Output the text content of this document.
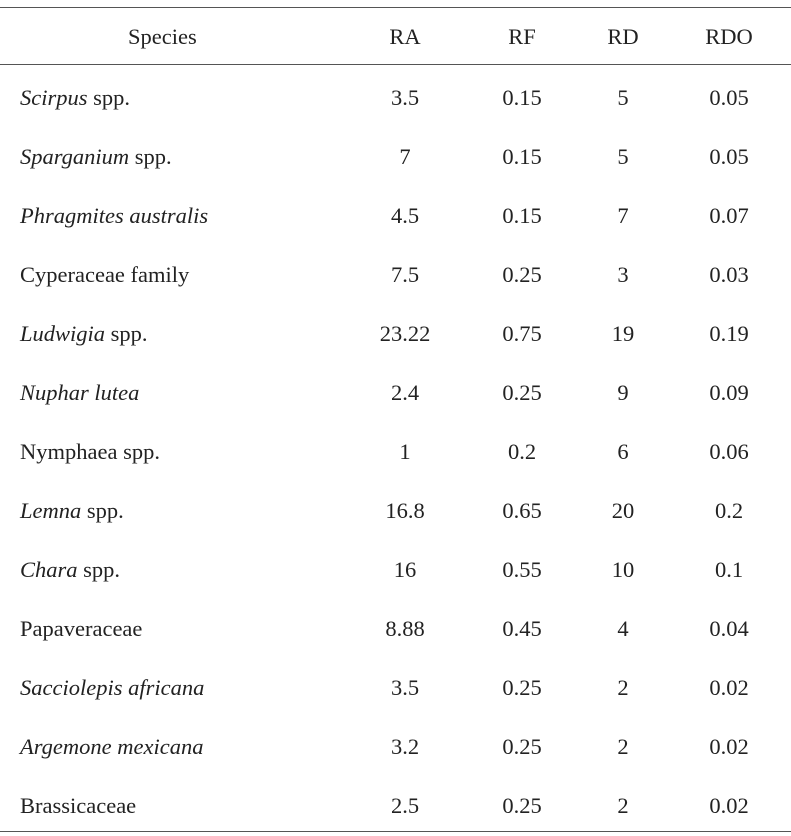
Species	RA	RF	RD	RDO
Scirpus spp.	3.5	0.15	5	0.05
Sparganium spp.	7	0.15	5	0.05
Phragmites australis	4.5	0.15	7	0.07
Cyperaceae family	7.5	0.25	3	0.03
Ludwigia spp.	23.22	0.75	19	0.19
Nuphar lutea	2.4	0.25	9	0.09
Nymphaea spp.	1	0.2	6	0.06
Lemna spp.	16.8	0.65	20	0.2
Chara spp.	16	0.55	10	0.1
Papaveraceae	8.88	0.45	4	0.04
Sacciolepis africana	3.5	0.25	2	0.02
Argemone mexicana	3.2	0.25	2	0.02
Brassicaceae	2.5	0.25	2	0.02
